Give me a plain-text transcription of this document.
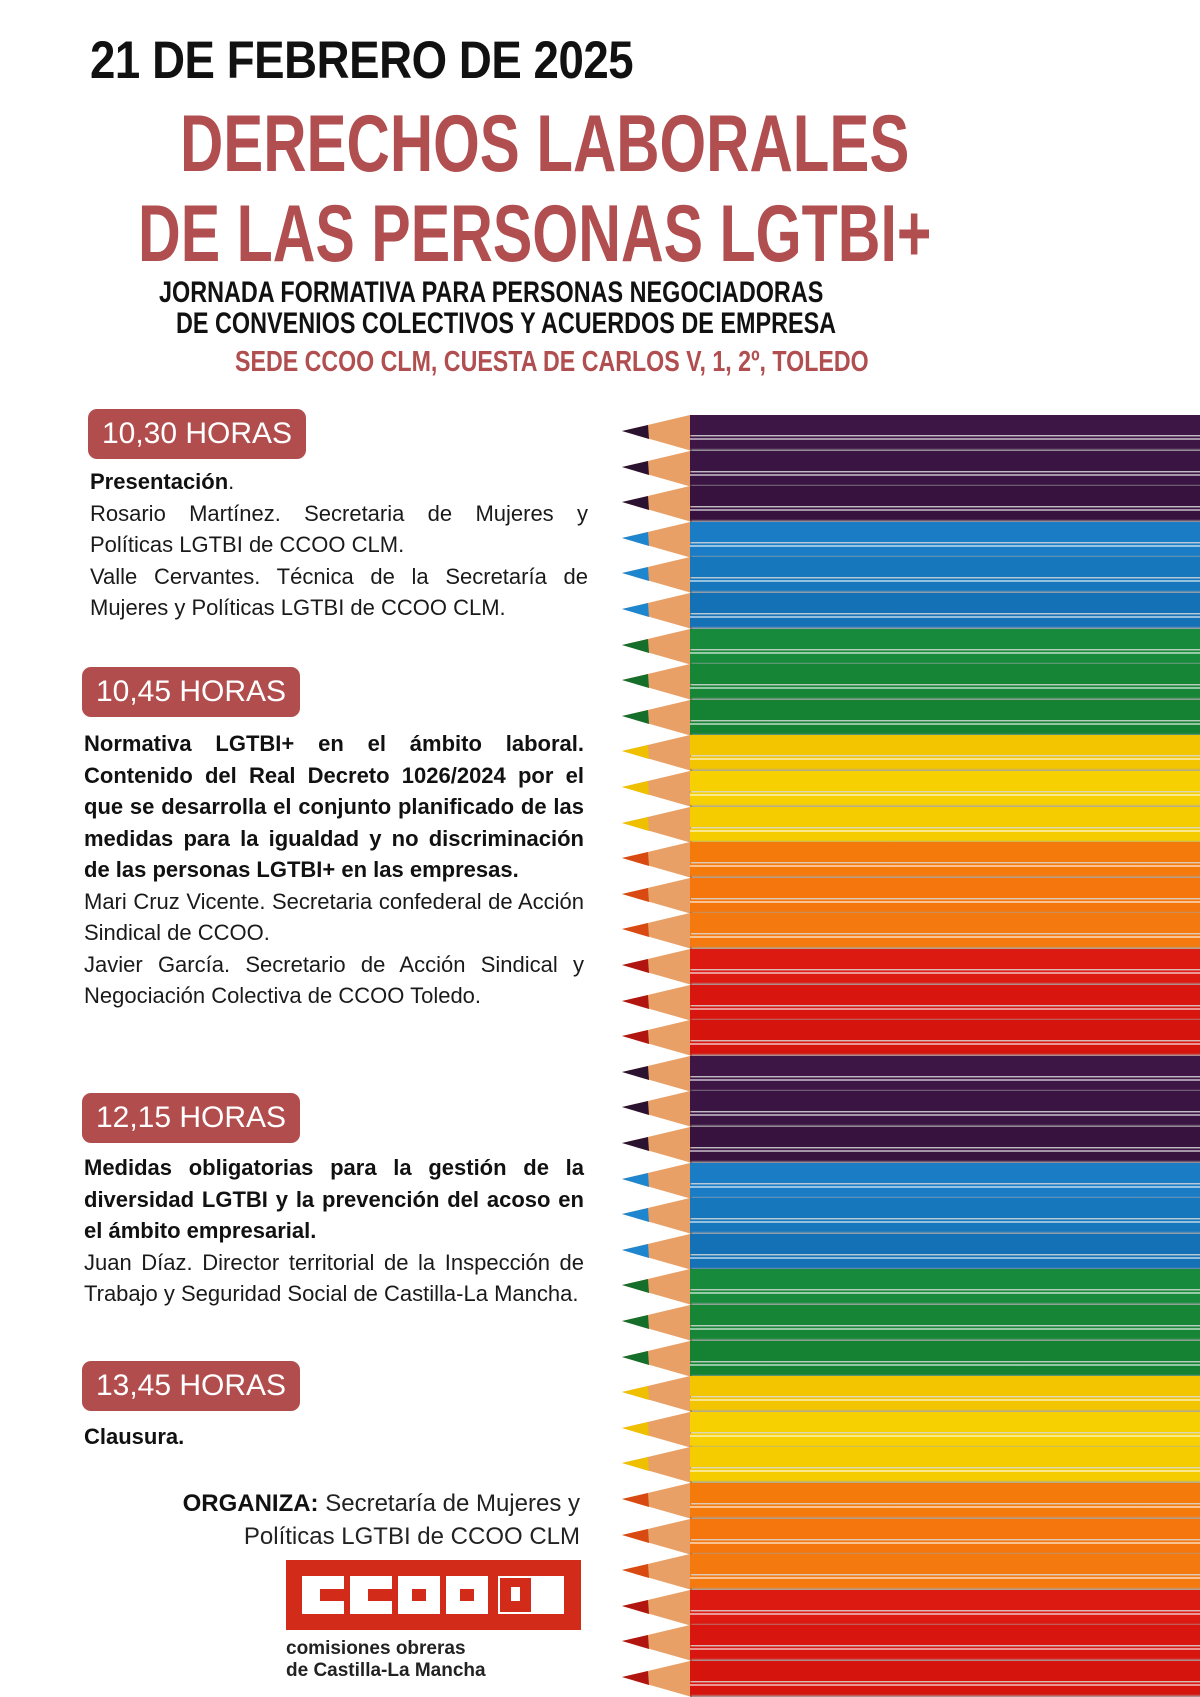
21 DE FEBRERO DE 2025
DERECHOS LABORALES
DE LAS PERSONAS LGTBI+
JORNADA FORMATIVA PARA PERSONAS NEGOCIADORAS
DE CONVENIOS COLECTIVOS Y ACUERDOS DE EMPRESA
SEDE CCOO CLM, CUESTA DE CARLOS V, 1, 2º, TOLEDO
10,30 HORAS
Presentación.
Rosario Martínez. Secretaria de Mujeres y Políticas LGTBI de CCOO CLM.
Valle Cervantes. Técnica de la Secretaría de Mujeres y Políticas LGTBI de CCOO CLM.
10,45 HORAS
Normativa LGTBI+ en el ámbito laboral. Contenido del Real Decreto 1026/2024 por el que se desarrolla el conjunto planificado de las medidas para la igualdad y no discriminación de las personas LGTBI+ en las empresas.
Mari Cruz Vicente. Secretaria confederal de Acción Sindical de CCOO.
Javier García. Secretario de Acción Sindical y Negociación Colectiva de CCOO Toledo.
12,15 HORAS
Medidas obligatorias para la gestión de la diversidad LGTBI y la prevención del acoso en el ámbito empresarial.
Juan Díaz. Director territorial de la Inspección de Trabajo y Seguridad Social de Castilla-La Mancha.
13,45 HORAS
Clausura.
ORGANIZA: Secretaría de Mujeres y
Políticas LGTBI de CCOO CLM
comisiones obreras
de Castilla-La Mancha
